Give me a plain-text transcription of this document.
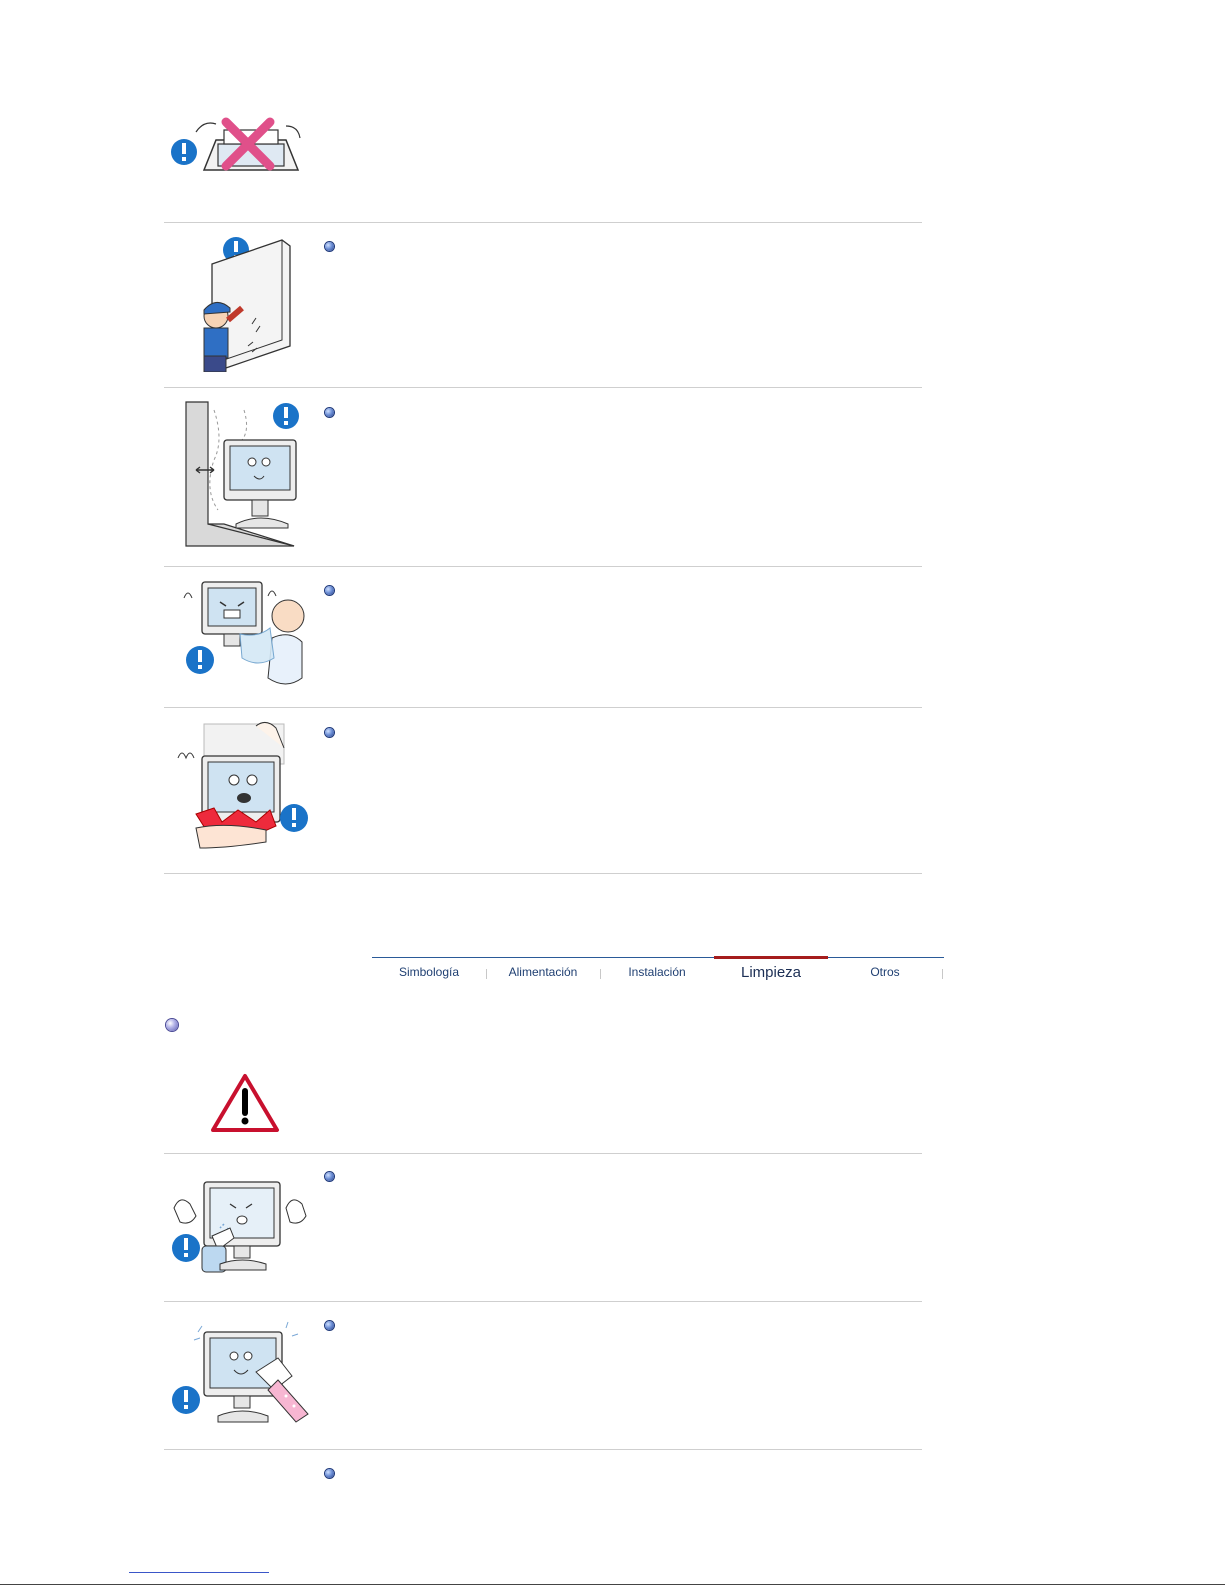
Simbología	Alimentación	Instalación	Limpieza	Otros
